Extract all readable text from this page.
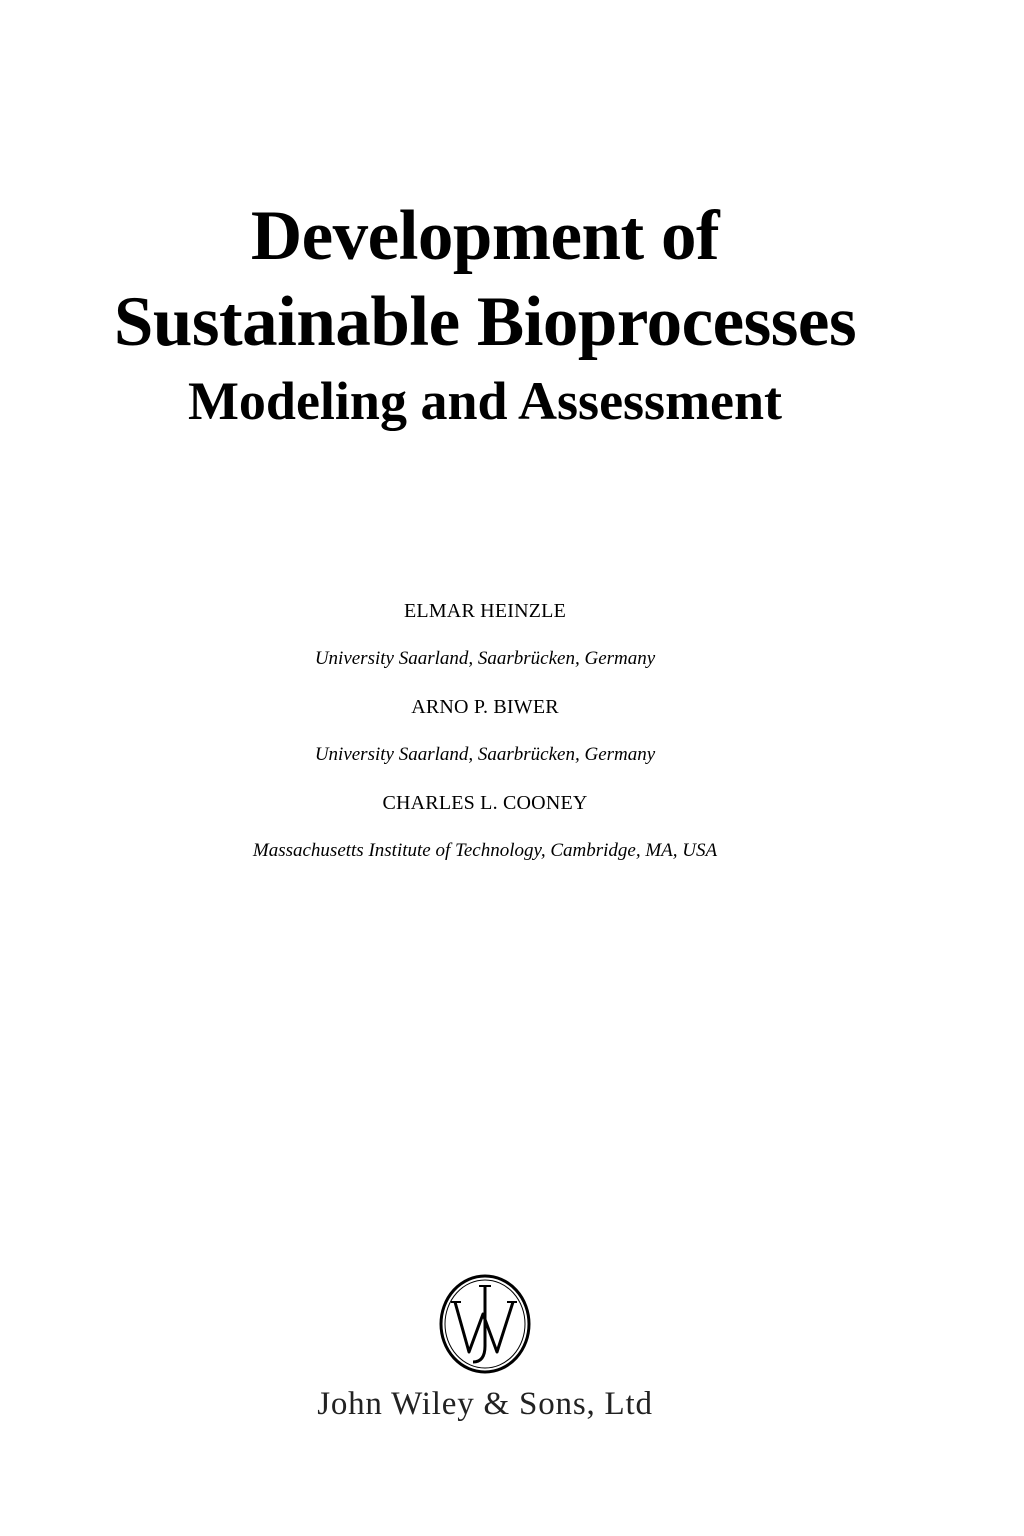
Development of
Sustainable Bioprocesses
Modeling and Assessment
ELMAR HEINZLE
University Saarland, Saarbrücken, Germany
ARNO P. BIWER
University Saarland, Saarbrücken, Germany
CHARLES L. COONEY
Massachusetts Institute of Technology, Cambridge, MA, USA
John Wiley & Sons, Ltd
